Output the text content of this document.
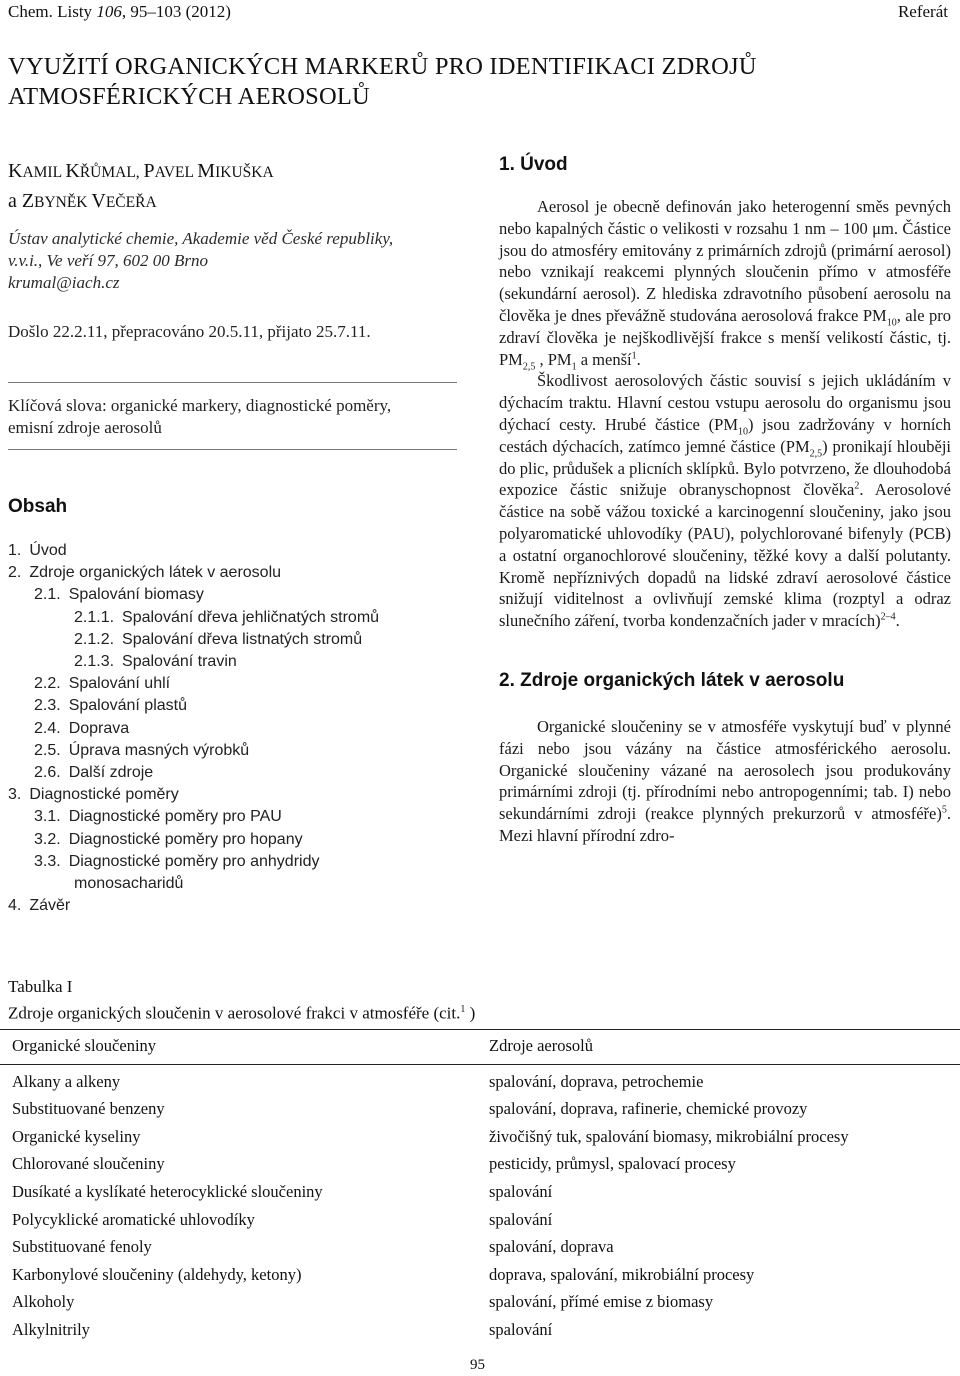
Chem. Listy 106, 95–103 (2012)	Referát
VYUŽITÍ ORGANICKÝCH MARKERŮ PRO IDENTIFIKACI ZDROJŮ
ATMOSFÉRICKÝCH AEROSOLŮ
KAMIL KŘŮMAL, PAVEL MIKUŠKA
a ZBYNĚK VEČEŘA
Ústav analytické chemie, Akademie věd České republiky,
v.v.i., Ve veří 97, 602 00 Brno
krumal@iach.cz
Došlo 22.2.11, přepracováno 20.5.11, přijato 25.7.11.
Klíčová slova: organické markery, diagnostické poměry,
emisní zdroje aerosolů
Obsah
1. Úvod
2. Zdroje organických látek v aerosolu
2.1. Spalování biomasy
2.1.1. Spalování dřeva jehličnatých stromů
2.1.2. Spalování dřeva listnatých stromů
2.1.3. Spalování travin
2.2. Spalování uhlí
2.3. Spalování plastů
2.4. Doprava
2.5. Úprava masných výrobků
2.6. Další zdroje
3. Diagnostické poměry
3.1. Diagnostické poměry pro PAU
3.2. Diagnostické poměry pro hopany
3.3. Diagnostické poměry pro anhydridy
monosacharidů
4. Závěr
1. Úvod

Aerosol je obecně definován jako heterogenní směs pevných nebo kapalných částic o velikosti v rozsahu 1 nm – 100 μm. Částice jsou do atmosféry emitovány z primárních zdrojů (primární aerosol) nebo vznikají reakcemi plynných sloučenin přímo v atmosféře (sekundární aerosol). Z hlediska zdravotního působení aerosolu na člověka je dnes převážně studována aerosolová frakce $PM_{10}$, ale pro zdraví člověka je nejškodlivější frakce s menší velikostí částic, tj. $PM_{2,5}$ , $PM_1$ a menší$^1$.

Škodlivost aerosolových částic souvisí s jejich ukládáním v dýchacím traktu. Hlavní cestou vstupu aerosolu do organismu jsou dýchací cesty. Hrubé částice $(PM_{10})$ jsou zadržovány v horních cestách dýchacích, zatímco jemné částice $(PM_{2,5})$ pronikají hlouběji do plic, průdušek a plicních sklípků. Bylo potvrzeno, že dlouhodobá expozice částic snižuje obranyschopnost člověka$^2$. Aerosolové částice na sobě vážou toxické a karcinogenní sloučeniny, jako jsou polyaromatické uhlovodíky (PAU), polychlorované bifenyly (PCB) a ostatní organochlorové sloučeniny, těžké kovy a další polutanty. Kromě nepříznivých dopadů na lidské zdraví aerosolové částice snižují viditelnost a ovlivňují zemské klima (rozptyl a odraz slunečního záření, tvorba kondenzačních jader v mracích)$^{2-4}$.

2. Zdroje organických látek v aerosolu

Organické sloučeniny se v atmosféře vyskytují buď v plynné fázi nebo jsou vázány na částice atmosférického aerosolu. Organické sloučeniny vázané na aerosolech jsou produkovány primárními zdroji (tj. přírodními nebo antropogenními; tab. I) nebo sekundárními zdroji (reakce plynných prekurzorů v atmosféře)$^5$. Mezi hlavní přírodní zdro-

Tabulka I
Zdroje organických sloučenin v aerosolové frakci v atmosféře (cit.$^1$ )
Organické sloučeniny	Zdroje aerosolů
Alkany a alkeny	spalování, doprava, petrochemie
Substituované benzeny	spalování, doprava, rafinerie, chemické provozy
Organické kyseliny	živočišný tuk, spalování biomasy, mikrobiální procesy
Chlorované sloučeniny	pesticidy, průmysl, spalovací procesy
Dusíkaté a kyslíkaté heterocyklické sloučeniny	spalování
Polycyklické aromatické uhlovodíky	spalování
Substituované fenoly	spalování, doprava
Karbonylové sloučeniny (aldehydy, ketony)	doprava, spalování, mikrobiální procesy
Alkoholy	spalování, přímé emise z biomasy
Alkylnitrily	spalování
95
